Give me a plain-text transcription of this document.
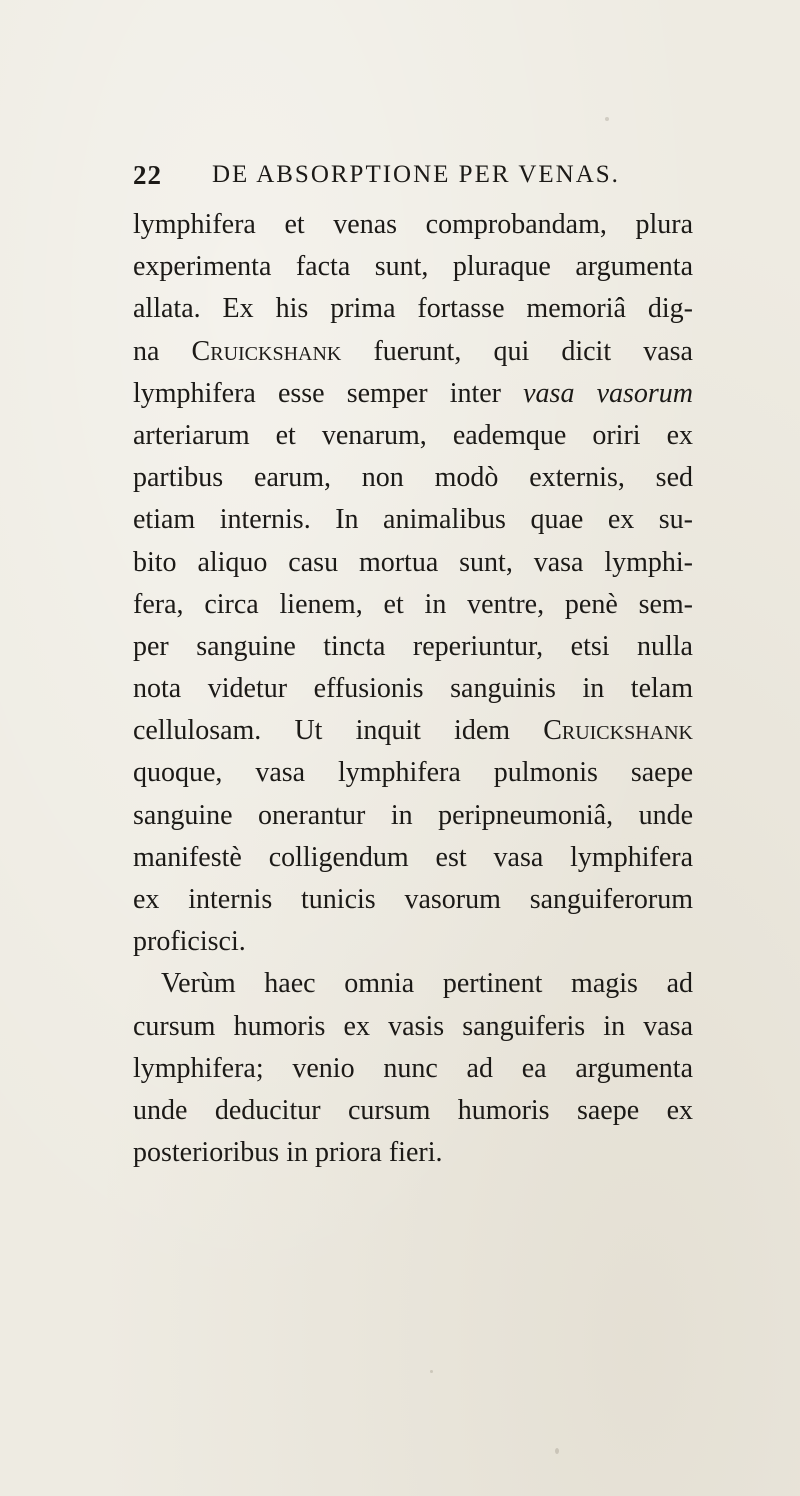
22 DE ABSORPTIONE PER VENAS.
lymphifera et venas comprobandam, plura
experimenta facta sunt, pluraque argumenta
allata. Ex his prima fortasse memoriâ dig-
na Cruickshank fuerunt, qui dicit vasa
lymphifera esse semper inter vasa vasorum
arteriarum et venarum, eademque oriri ex
partibus earum, non modò externis, sed
etiam internis. In animalibus quae ex su-
bito aliquo casu mortua sunt, vasa lymphi-
fera, circa lienem, et in ventre, penè sem-
per sanguine tincta reperiuntur, etsi nulla
nota videtur effusionis sanguinis in telam
cellulosam. Ut inquit idem Cruickshank
quoque, vasa lymphifera pulmonis saepe
sanguine onerantur in peripneumoniâ, unde
manifestè colligendum est vasa lymphifera
ex internis tunicis vasorum sanguiferorum
proficisci.
Verùm haec omnia pertinent magis ad
cursum humoris ex vasis sanguiferis in vasa
lymphifera; venio nunc ad ea argumenta
unde deducitur cursum humoris saepe ex
posterioribus in priora fieri.
